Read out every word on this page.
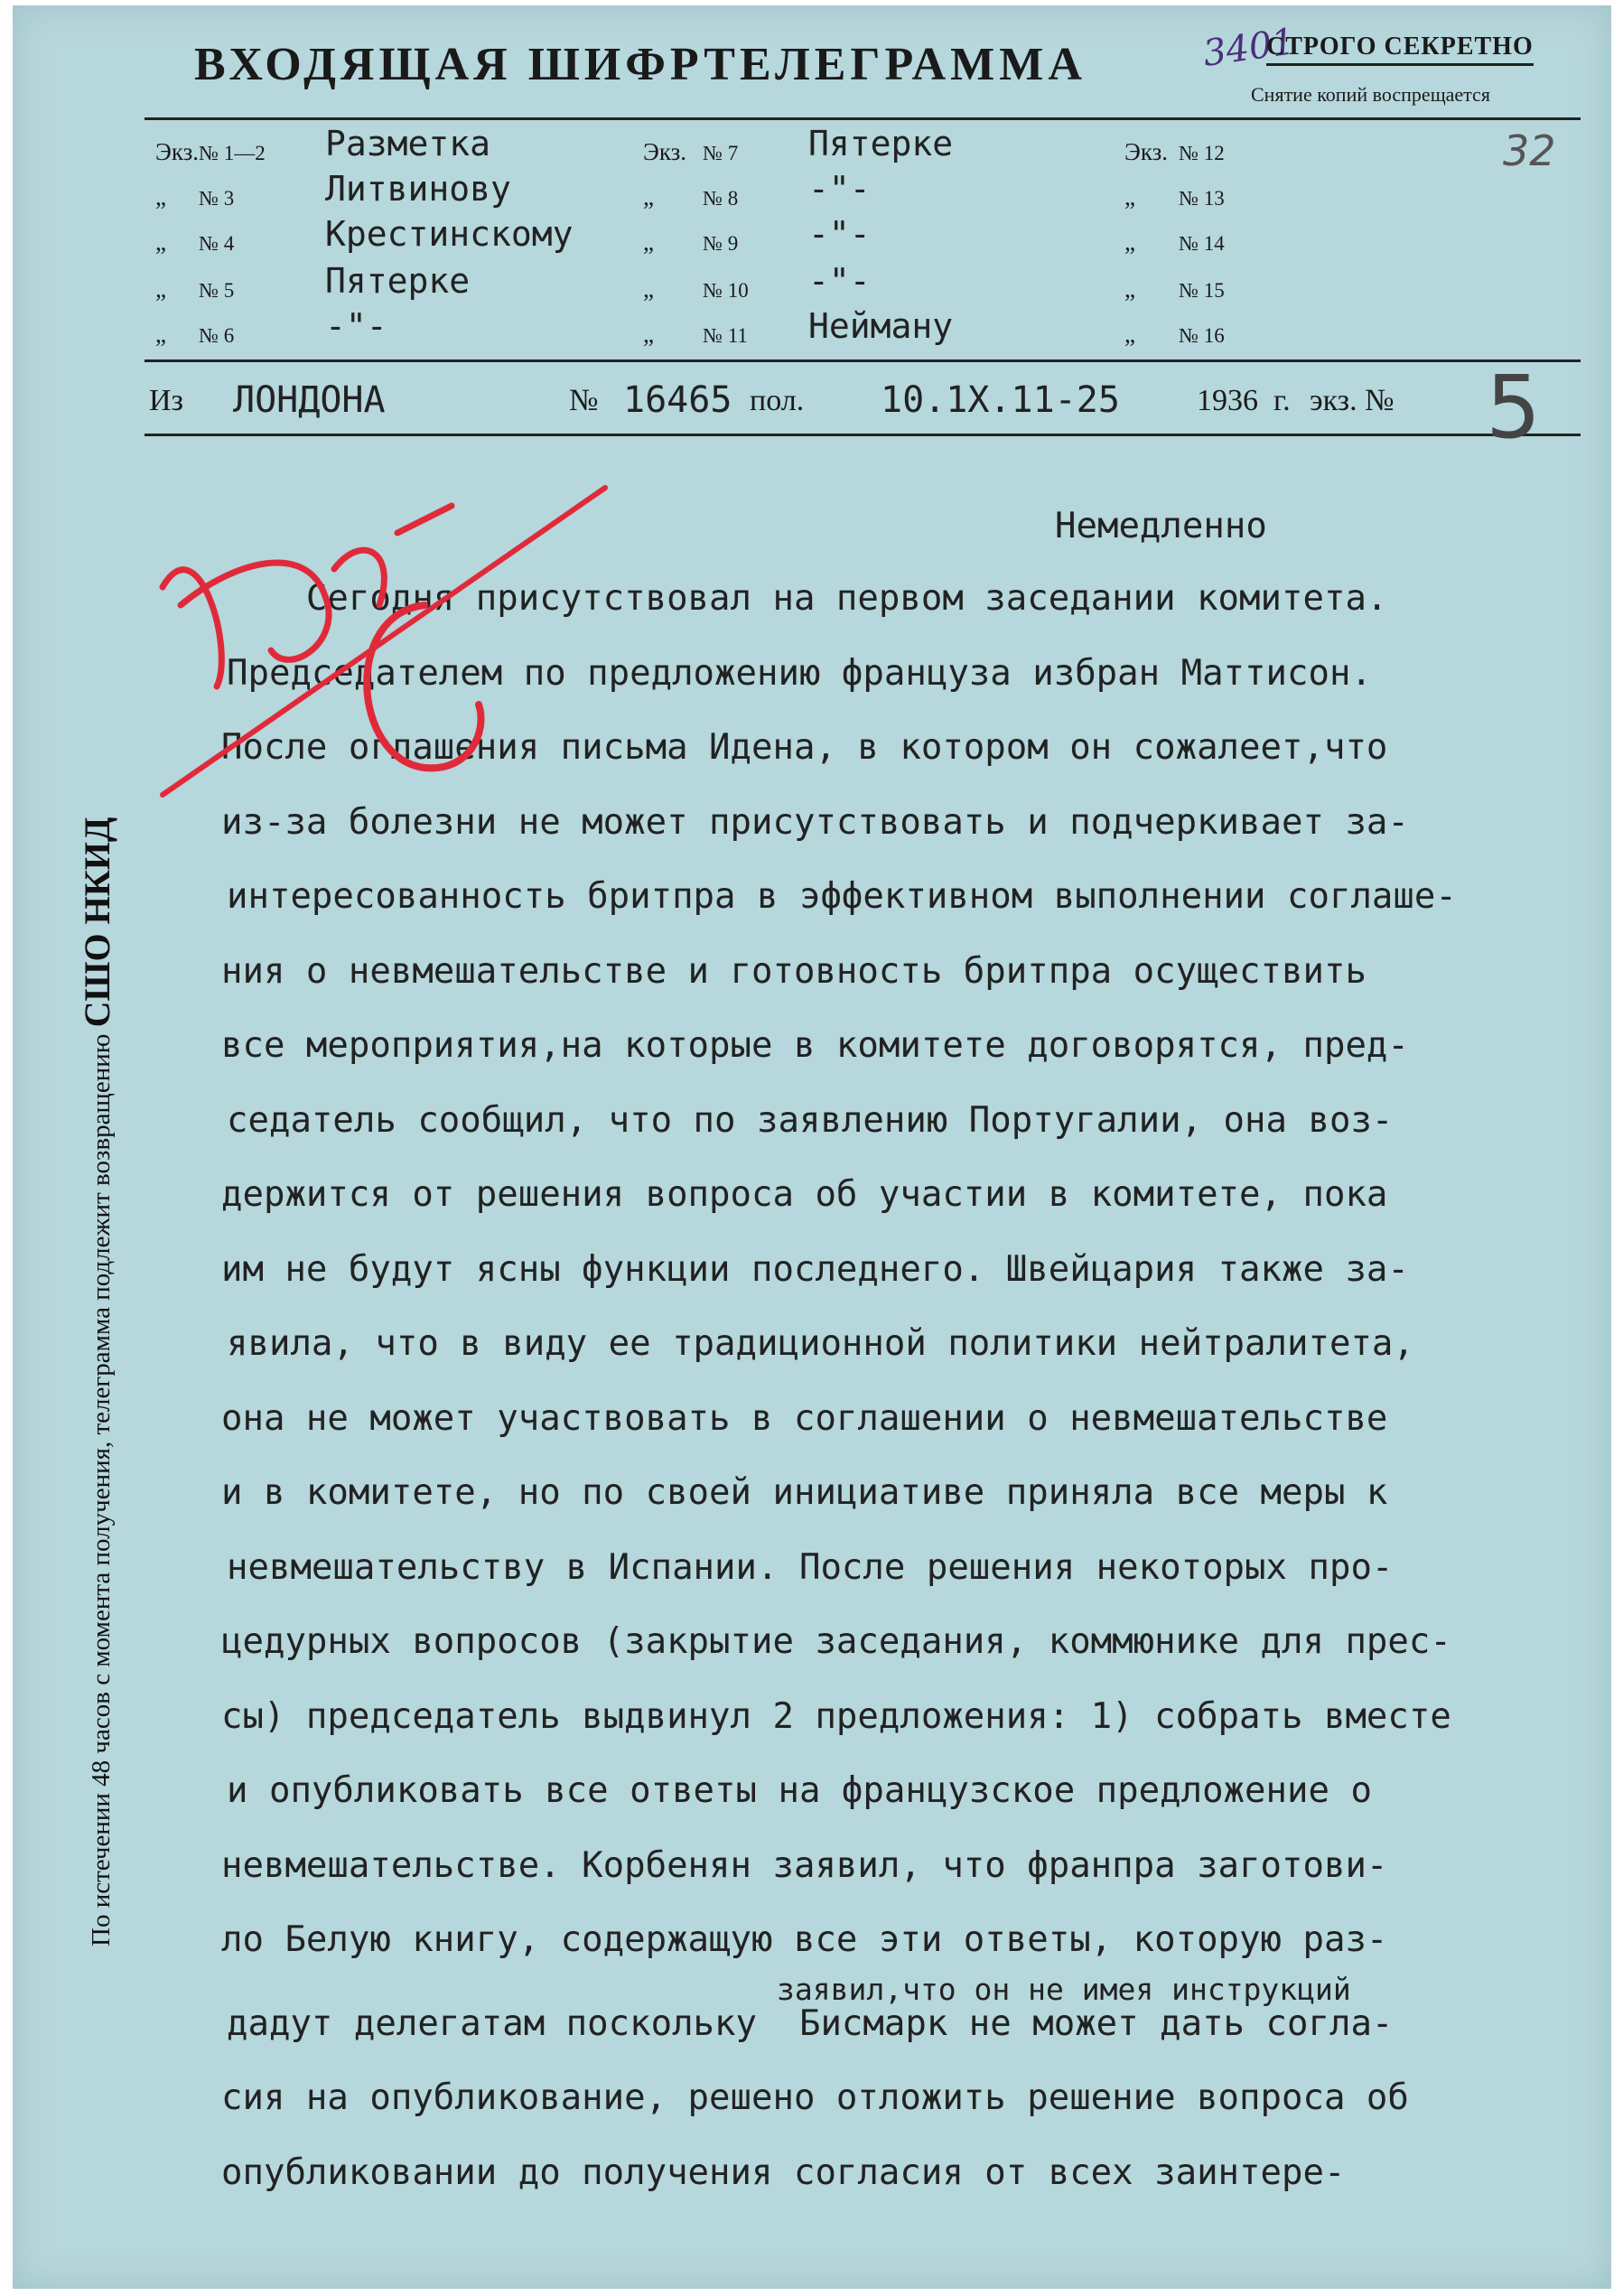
ВХОДЯЩАЯ ШИФРТЕЛЕГРАММА	3401
СТРОГО СЕКРЕТНО
Снятие копий воспрещается
32
Экз. № 1—2 Разметка
„ № 3	Литвинову
„ № 4	Крестинскому
„ № 5	Пятерке
„ № 6	-"-
Экз. № 7 Пятерке
„ № 8 -"-
„ № 9 -"-
„ № 10 -"-
„ № 11 Нейману
Экз. № 12
„ № 13
„ № 14
„ № 15
„ № 16
Из ЛОНДОНА	№ 16465 пол. 10.1X.11-25	1936 г. экз. № 5
По истечении 48 часов с момента получения, телеграмма подлежит возвращению СШО НКИД
Немедленно
Сегодня присутствовал на первом заседании комитета.
Председателем по предложению француза избран Маттисон.
После оглашения письма Идена, в котором он сожалеет,что
из-за болезни не может присутствовать и подчеркивает за-
интересованность бритпра в эффективном выполнении соглаше-
ния о невмешательстве и готовность бритпра осуществить
все мероприятия,на которые в комитете договорятся, пред-
седатель сообщил, что по заявлению Португалии, она воз-
держится от решения вопроса об участии в комитете, пока
им не будут ясны функции последнего. Швейцария также за-
явила, что в виду ее традиционной политики нейтралитета,
она не может участвовать в соглашении о невмешательстве
и в комитете, но по своей инициативе приняла все меры к
невмешательству в Испании. После решения некоторых про-
цедурных вопросов (закрытие заседания, коммюнике для прес-
сы) председатель выдвинул 2 предложения: 1) собрать вместе
и опубликовать все ответы на французское предложение о
невмешательстве. Корбенян заявил, что франпра заготови-
ло Белую книгу, содержащую все эти ответы, которую раз-
дадут делегатам поскольку  Бисмарк не может дать согла-
сия на опубликование, решено отложить решение вопроса об
опубликовании до получения согласия от всех заинтере-
заявил,что он не имея инструкций
